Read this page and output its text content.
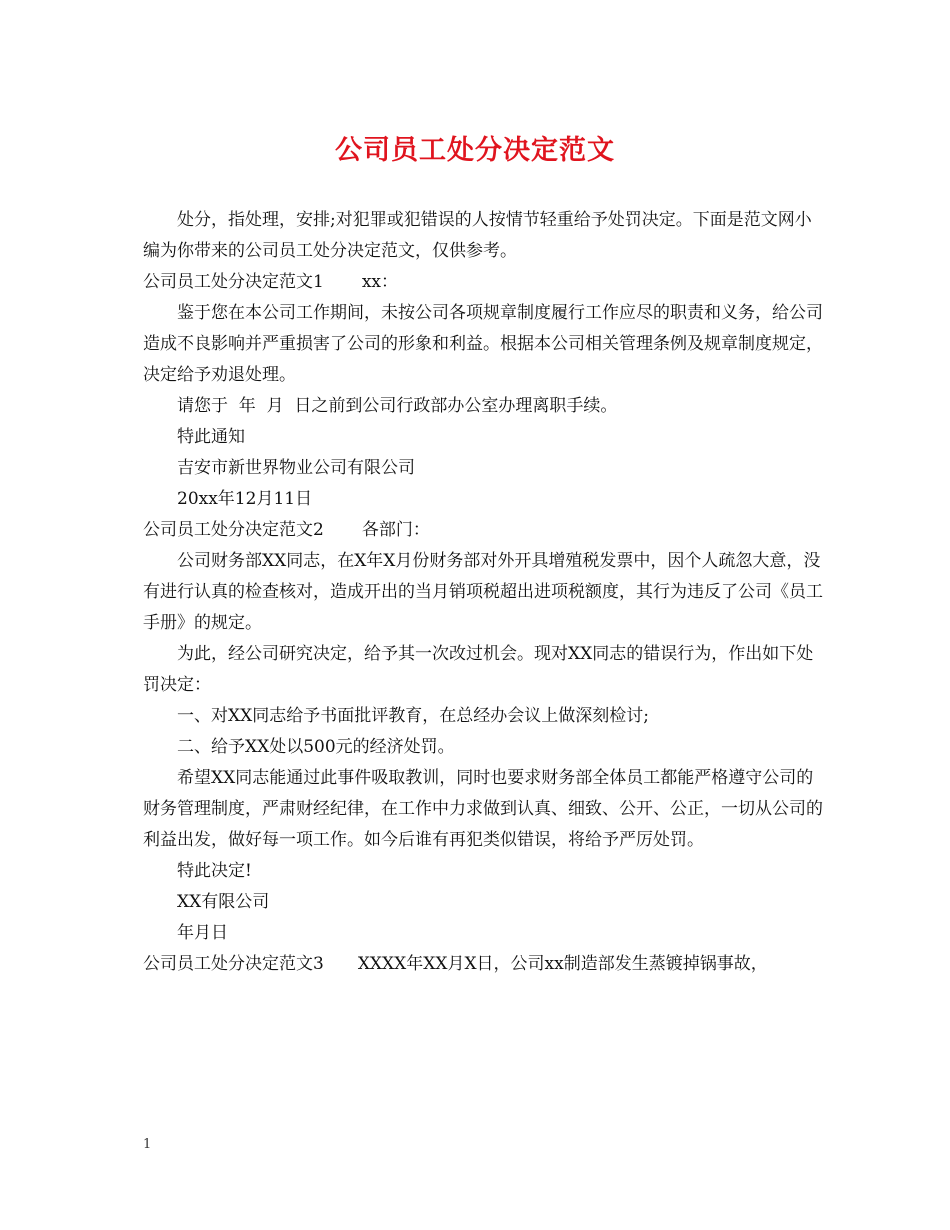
公司员工处分决定范文

处分，指处理，安排;对犯罪或犯错误的人按情节轻重给予处罚决定。下面是范文网小编为你带来的公司员工处分决定范文，仅供参考。

公司员工处分决定范文1 xx：

鉴于您在本公司工作期间，未按公司各项规章制度履行工作应尽的职责和义务，给公司造成不良影响并严重损害了公司的形象和利益。根据本公司相关管理条例及规章制度规定，决定给予劝退处理。

请您于  年  月  日之前到公司行政部办公室办理离职手续。

特此通知

吉安市新世界物业公司有限公司

20xx年12月11日

公司员工处分决定范文2 各部门：

公司财务部XX同志，在X年X月份财务部对外开具增殖税发票中，因个人疏忽大意，没有进行认真的检查核对，造成开出的当月销项税超出进项税额度，其行为违反了公司《员工手册》的规定。

为此，经公司研究决定，给予其一次改过机会。现对XX同志的错误行为，作出如下处罚决定：

一、对XX同志给予书面批评教育，在总经办会议上做深刻检讨;

二、给予XX处以500元的经济处罚。

希望XX同志能通过此事件吸取教训，同时也要求财务部全体员工都能严格遵守公司的财务管理制度，严肃财经纪律，在工作中力求做到认真、细致、公开、公正，一切从公司的利益出发，做好每一项工作。如今后谁有再犯类似错误，将给予严厉处罚。

特此决定!

XX有限公司

年月日

公司员工处分决定范文3 XXXX年XX月X日，公司xx制造部发生蒸镀掉锅事故，

1
